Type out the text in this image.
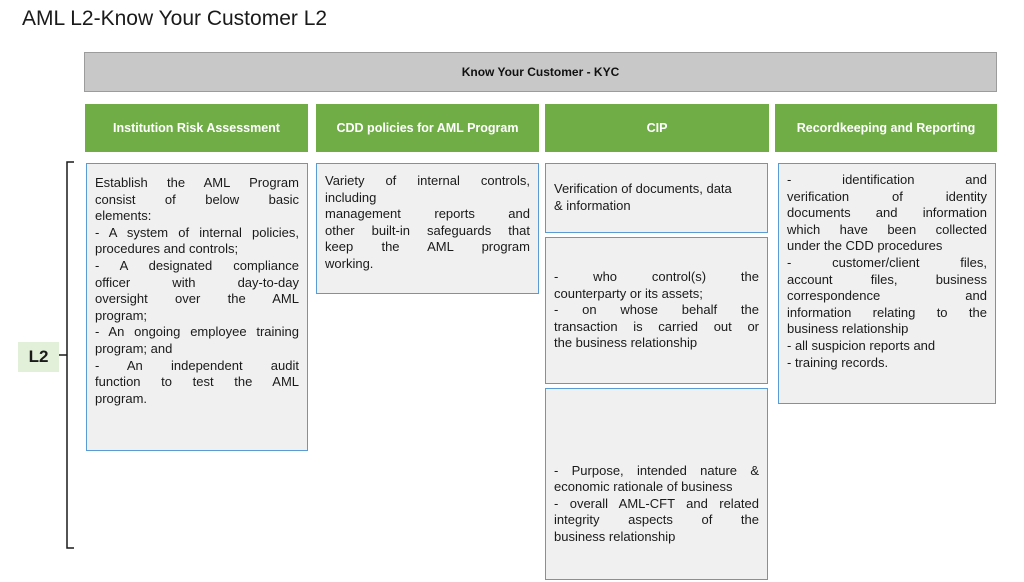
AML L2-Know Your Customer L2
Know Your Customer - KYC
Institution Risk Assessment	CDD policies for AML Program	CIP	Recordkeeping and Reporting
Establish the AML Program
consist of below basic
elements:
- A system of internal policies,
procedures and controls;
- A designated compliance
officer with day-to-day
oversight over the AML
program;
- An ongoing employee training
program; and
- An independent audit
function to test the AML
program.
Variety of internal controls,
including
management reports and
other built-in safeguards that
keep the AML program
working.
Verification of documents, data
& information
- who control(s) the
counterparty or its assets;
- on whose behalf the
transaction is carried out or
the business relationship
- Purpose, intended nature &
economic rationale of business
- overall AML-CFT and related
integrity aspects of the
business relationship
- identification and
verification of identity
documents and information
which have been collected
under the CDD procedures
- customer/client files,
account files, business
correspondence and
information relating to the
business relationship
- all suspicion reports and
- training records.
L2
